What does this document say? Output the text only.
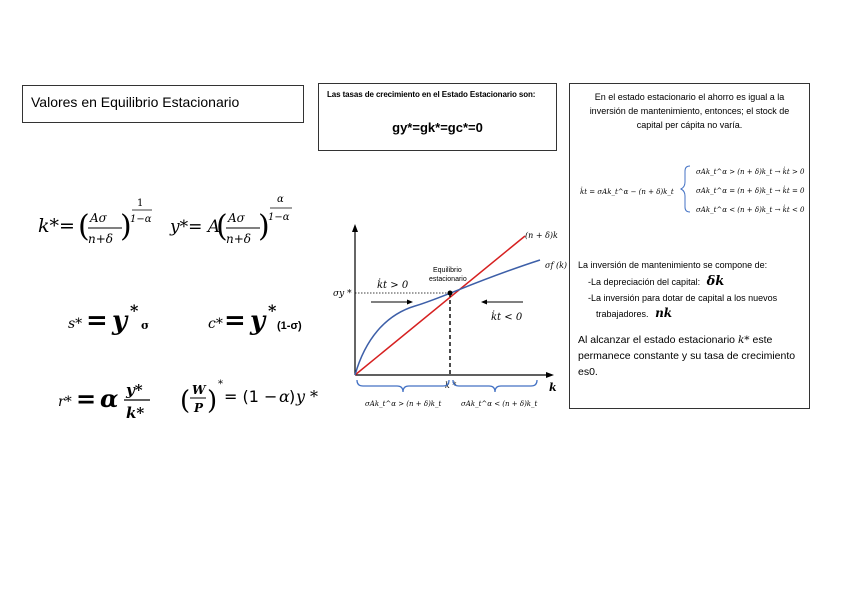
Valores en Equilibrio Estacionario	Las tasas de crecimiento en el Estado Estacionario son:
gy*=gk*=gc*=0
k*= ( Aσ
n+δ )
1
1−α y*= A
( Aσ
n+δ )
α
1−α
s* = y *
σ	c* = y *
(1-σ)
r* = α y*
k* ( W
P )
*
= (1 − α ) y *
(n + δ)k
σf (k)
σy *
k
k *
Equilibrio
estacionario
k̇t > 0
k̇t < 0
σAk_t^α > (n + δ)k_t	σAk_t^α < (n + δ)k_t
En el estado estacionario el ahorro es igual a la inversión de mantenimiento, entonces; el stock de capital per cápita no varía.
k̇t = σAk_t^α − (n + δ)k_t
σAk_t^α > (n + δ)k_t → k̇t > 0
σAk_t^α = (n + δ)k_t → k̇t = 0
σAk_t^α < (n + δ)k_t → k̇t < 0
La inversión de mantenimiento se compone de:
-La depreciación del capital: δk
-La inversión para dotar de capital a los nuevos
trabajadores. nk
Al alcanzar el estado estacionario k* este permanece constante y su tasa de crecimiento es0.
